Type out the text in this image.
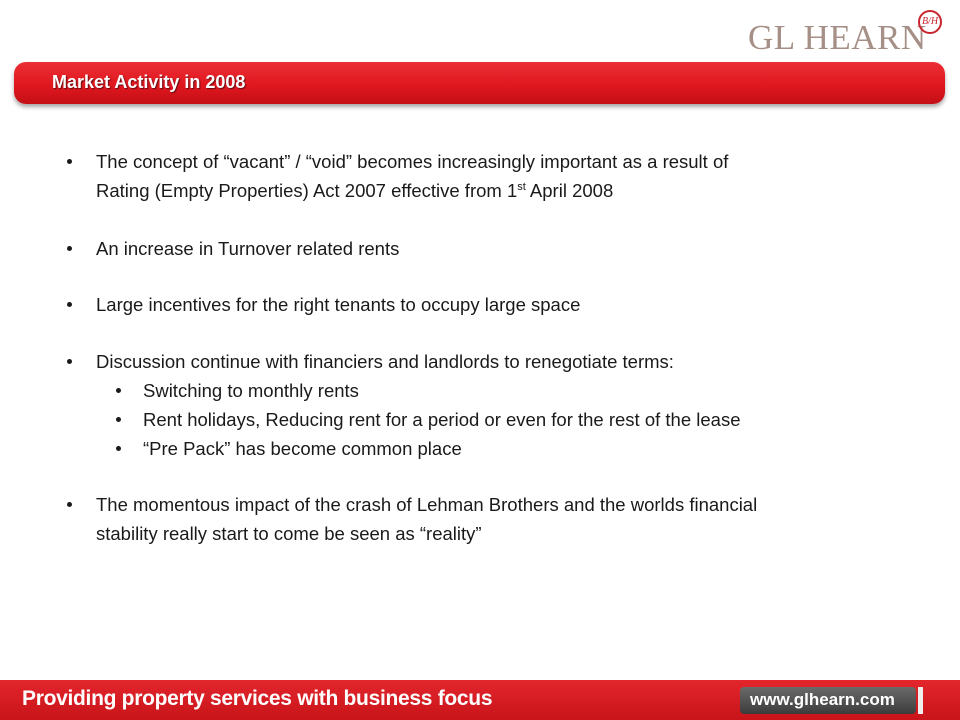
GL HEARN
B/H
Market Activity in 2008
The concept of “vacant” / “void” becomes increasingly important as a result of
Rating (Empty Properties) Act 2007 effective from 1st April 2008
An increase in Turnover related rents
Large incentives for the right tenants to occupy large space
Discussion continue with financiers and landlords to renegotiate terms:
Switching to monthly rents
Rent holidays, Reducing rent for a period or even for the rest of the lease
“Pre Pack” has become common place
The momentous impact of the crash of Lehman Brothers and the worlds financial
stability really start to come be seen as “reality”
Providing property services with business focus	www.glhearn.com
